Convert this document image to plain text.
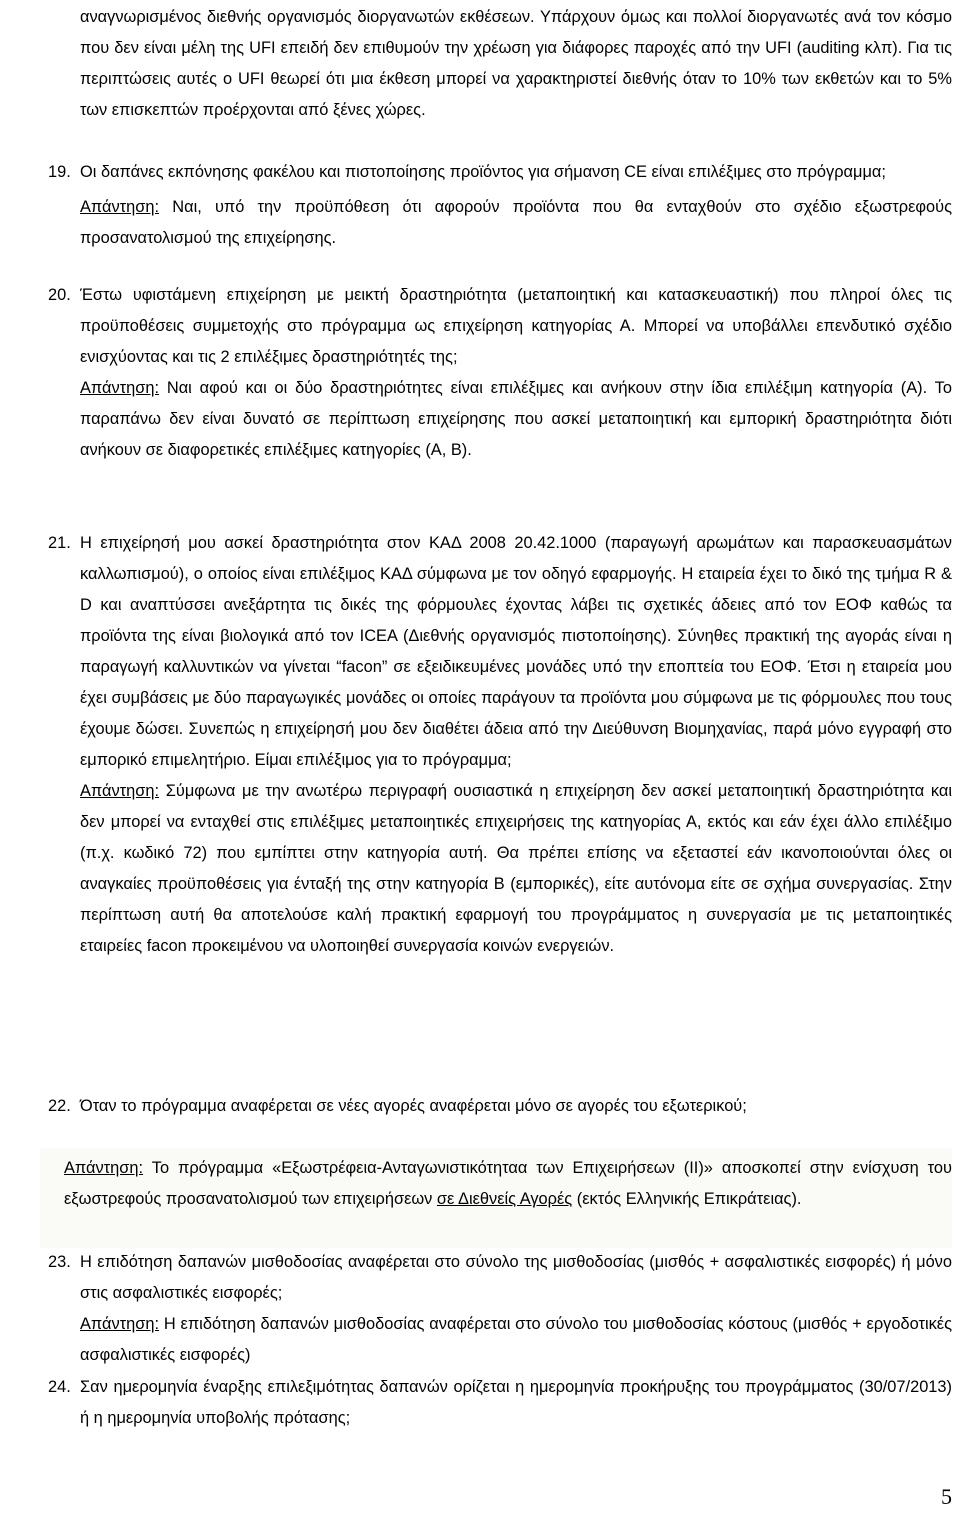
αναγνωρισμένος διεθνής οργανισμός διοργανωτών εκθέσεων. Υπάρχουν όμως και πολλοί διοργανωτές ανά τον κόσμο που δεν είναι μέλη της UFI επειδή δεν επιθυμούν την χρέωση για διάφορες παροχές από την UFI (auditing κλπ). Για τις περιπτώσεις αυτές ο UFI θεωρεί ότι μια έκθεση μπορεί να χαρακτηριστεί διεθνής όταν το 10% των εκθετών και το 5% των επισκεπτών προέρχονται από ξένες χώρες.

19. Οι δαπάνες εκπόνησης φακέλου και πιστοποίησης προϊόντος για σήμανση CE είναι επιλέξιμες στο πρόγραμμα;

Απάντηση: Ναι, υπό την προϋπόθεση ότι αφορούν προϊόντα που θα ενταχθούν στο σχέδιο εξωστρεφούς προσανατολισμού της επιχείρησης.

20. Έστω υφιστάμενη επιχείρηση με μεικτή δραστηριότητα (μεταποιητική και κατασκευαστική) που πληροί όλες τις προϋποθέσεις συμμετοχής στο πρόγραμμα ως επιχείρηση κατηγορίας Α. Μπορεί να υποβάλλει επενδυτικό σχέδιο ενισχύοντας και τις 2 επιλέξιμες δραστηριότητές της;

Απάντηση: Ναι αφού και οι δύο δραστηριότητες είναι επιλέξιμες και ανήκουν στην ίδια επιλέξιμη κατηγορία (Α). Το παραπάνω δεν είναι δυνατό σε περίπτωση επιχείρησης που ασκεί μεταποιητική και εμπορική δραστηριότητα διότι ανήκουν σε διαφορετικές επιλέξιμες κατηγορίες (Α, Β).

21. Η επιχείρησή μου ασκεί δραστηριότητα στον ΚΑΔ 2008 20.42.1000 (παραγωγή αρωμάτων και παρασκευασμάτων καλλωπισμού), ο οποίος είναι επιλέξιμος ΚΑΔ σύμφωνα με τον οδηγό εφαρμογής. Η εταιρεία έχει το δικό της τμήμα R & D και αναπτύσσει ανεξάρτητα τις δικές της φόρμουλες έχοντας λάβει τις σχετικές άδειες από τον ΕΟΦ καθώς τα προϊόντα της είναι βιολογικά από τον ICEA (Διεθνής οργανισμός πιστοποίησης). Σύνηθες πρακτική της αγοράς είναι η παραγωγή καλλυντικών να γίνεται “facon” σε εξειδικευμένες μονάδες υπό την εποπτεία του ΕΟΦ. Έτσι η εταιρεία μου έχει συμβάσεις με δύο παραγωγικές μονάδες οι οποίες παράγουν τα προϊόντα μου σύμφωνα με τις φόρμουλες που τους έχουμε δώσει. Συνεπώς η επιχείρησή μου δεν διαθέτει άδεια από την Διεύθυνση Βιομηχανίας, παρά μόνο εγγραφή στο εμπορικό επιμελητήριο. Είμαι επιλέξιμος για το πρόγραμμα;

Απάντηση: Σύμφωνα με την ανωτέρω περιγραφή ουσιαστικά η επιχείρηση δεν ασκεί μεταποιητική δραστηριότητα και δεν μπορεί να ενταχθεί στις επιλέξιμες μεταποιητικές επιχειρήσεις της κατηγορίας Α, εκτός και εάν έχει άλλο επιλέξιμο (π.χ. κωδικό 72) που εμπίπτει στην κατηγορία αυτή. Θα πρέπει επίσης να εξεταστεί εάν ικανοποιούνται όλες οι αναγκαίες προϋποθέσεις για ένταξή της στην κατηγορία Β (εμπορικές), είτε αυτόνομα είτε σε σχήμα συνεργασίας. Στην περίπτωση αυτή θα αποτελούσε καλή πρακτική εφαρμογή του προγράμματος η συνεργασία με τις μεταποιητικές εταιρείες facon προκειμένου να υλοποιηθεί συνεργασία κοινών ενεργειών.

22. Όταν το πρόγραμμα αναφέρεται σε νέες αγορές αναφέρεται μόνο σε αγορές του εξωτερικού;

Απάντηση: Το πρόγραμμα «Εξωστρέφεια-Ανταγωνιστικότηταα των Επιχειρήσεων (ΙΙ)» αποσκοπεί στην ενίσχυση του εξωστρεφούς προσανατολισμού των επιχειρήσεων σε Διεθνείς Αγορές (εκτός Ελληνικής Επικράτειας).

23. Η επιδότηση δαπανών μισθοδοσίας αναφέρεται στο σύνολο της μισθοδοσίας (μισθός + ασφαλιστικές εισφορές) ή μόνο στις ασφαλιστικές εισφορές;

Απάντηση: Η επιδότηση δαπανών μισθοδοσίας αναφέρεται στο σύνολο του μισθοδοσίας κόστους (μισθός + εργοδοτικές ασφαλιστικές εισφορές)

24. Σαν ημερομηνία έναρξης επιλεξιμότητας δαπανών ορίζεται η ημερομηνία προκήρυξης του προγράμματος (30/07/2013) ή η ημερομηνία υποβολής πρότασης;

5
